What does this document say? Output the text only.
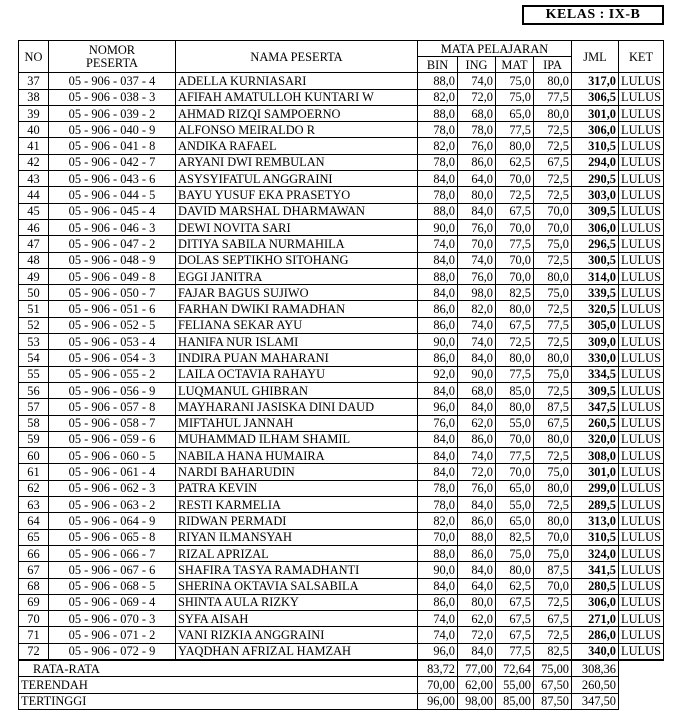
KELAS : IX-B
NO	NOMOR
PESERTA	NAMA PESERTA	MATA PELAJARAN				JML	KET
			BIN	ING	MAT	IPA		
37	05 - 906 - 037 - 4	ADELLA KURNIASARI	88,0	74,0	75,0	80,0	317,0	LULUS
38	05 - 906 - 038 - 3	AFIFAH AMATULLOH KUNTARI W	82,0	72,0	75,0	77,5	306,5	LULUS
39	05 - 906 - 039 - 2	AHMAD RIZQI SAMPOERNO	88,0	68,0	65,0	80,0	301,0	LULUS
40	05 - 906 - 040 - 9	ALFONSO MEIRALDO R	78,0	78,0	77,5	72,5	306,0	LULUS
41	05 - 906 - 041 - 8	ANDIKA RAFAEL	82,0	76,0	80,0	72,5	310,5	LULUS
42	05 - 906 - 042 - 7	ARYANI DWI REMBULAN	78,0	86,0	62,5	67,5	294,0	LULUS
43	05 - 906 - 043 - 6	ASYSYIFATUL ANGGRAINI	84,0	64,0	70,0	72,5	290,5	LULUS
44	05 - 906 - 044 - 5	BAYU YUSUF EKA PRASETYO	78,0	80,0	72,5	72,5	303,0	LULUS
45	05 - 906 - 045 - 4	DAVID MARSHAL DHARMAWAN	88,0	84,0	67,5	70,0	309,5	LULUS
46	05 - 906 - 046 - 3	DEWI NOVITA SARI	90,0	76,0	70,0	70,0	306,0	LULUS
47	05 - 906 - 047 - 2	DITIYA SABILA NURMAHILA	74,0	70,0	77,5	75,0	296,5	LULUS
48	05 - 906 - 048 - 9	DOLAS SEPTIKHO SITOHANG	84,0	74,0	70,0	72,5	300,5	LULUS
49	05 - 906 - 049 - 8	EGGI JANITRA	88,0	76,0	70,0	80,0	314,0	LULUS
50	05 - 906 - 050 - 7	FAJAR BAGUS SUJIWO	84,0	98,0	82,5	75,0	339,5	LULUS
51	05 - 906 - 051 - 6	FARHAN DWIKI RAMADHAN	86,0	82,0	80,0	72,5	320,5	LULUS
52	05 - 906 - 052 - 5	FELIANA SEKAR AYU	86,0	74,0	67,5	77,5	305,0	LULUS
53	05 - 906 - 053 - 4	HANIFA NUR ISLAMI	90,0	74,0	72,5	72,5	309,0	LULUS
54	05 - 906 - 054 - 3	INDIRA PUAN MAHARANI	86,0	84,0	80,0	80,0	330,0	LULUS
55	05 - 906 - 055 - 2	LAILA OCTAVIA RAHAYU	92,0	90,0	77,5	75,0	334,5	LULUS
56	05 - 906 - 056 - 9	LUQMANUL GHIBRAN	84,0	68,0	85,0	72,5	309,5	LULUS
57	05 - 906 - 057 - 8	MAYHARANI JASISKA DINI DAUD	96,0	84,0	80,0	87,5	347,5	LULUS
58	05 - 906 - 058 - 7	MIFTAHUL JANNAH	76,0	62,0	55,0	67,5	260,5	LULUS
59	05 - 906 - 059 - 6	MUHAMMAD ILHAM SHAMIL	84,0	86,0	70,0	80,0	320,0	LULUS
60	05 - 906 - 060 - 5	NABILA HANA HUMAIRA	84,0	74,0	77,5	72,5	308,0	LULUS
61	05 - 906 - 061 - 4	NARDI BAHARUDIN	84,0	72,0	70,0	75,0	301,0	LULUS
62	05 - 906 - 062 - 3	PATRA KEVIN	78,0	76,0	65,0	80,0	299,0	LULUS
63	05 - 906 - 063 - 2	RESTI KARMELIA	78,0	84,0	55,0	72,5	289,5	LULUS
64	05 - 906 - 064 - 9	RIDWAN PERMADI	82,0	86,0	65,0	80,0	313,0	LULUS
65	05 - 906 - 065 - 8	RIYAN ILMANSYAH	70,0	88,0	82,5	70,0	310,5	LULUS
66	05 - 906 - 066 - 7	RIZAL APRIZAL	88,0	86,0	75,0	75,0	324,0	LULUS
67	05 - 906 - 067 - 6	SHAFIRA TASYA RAMADHANTI	90,0	84,0	80,0	87,5	341,5	LULUS
68	05 - 906 - 068 - 5	SHERINA OKTAVIA SALSABILA	84,0	64,0	62,5	70,0	280,5	LULUS
69	05 - 906 - 069 - 4	SHINTA AULA RIZKY	86,0	80,0	67,5	72,5	306,0	LULUS
70	05 - 906 - 070 - 3	SYFA AISAH	74,0	62,0	67,5	67,5	271,0	LULUS
71	05 - 906 - 071 - 2	VANI RIZKIA ANGGRAINI	74,0	72,0	67,5	72,5	286,0	LULUS
72	05 - 906 - 072 - 9	YAQDHAN AFRIZAL HAMZAH	96,0	84,0	77,5	82,5	340,0	LULUS
RATA-RATA			83,72	77,00	72,64	75,00	308,36	
TERENDAH			70,00	62,00	55,00	67,50	260,50	
TERTINGGI			96,00	98,00	85,00	87,50	347,50	
